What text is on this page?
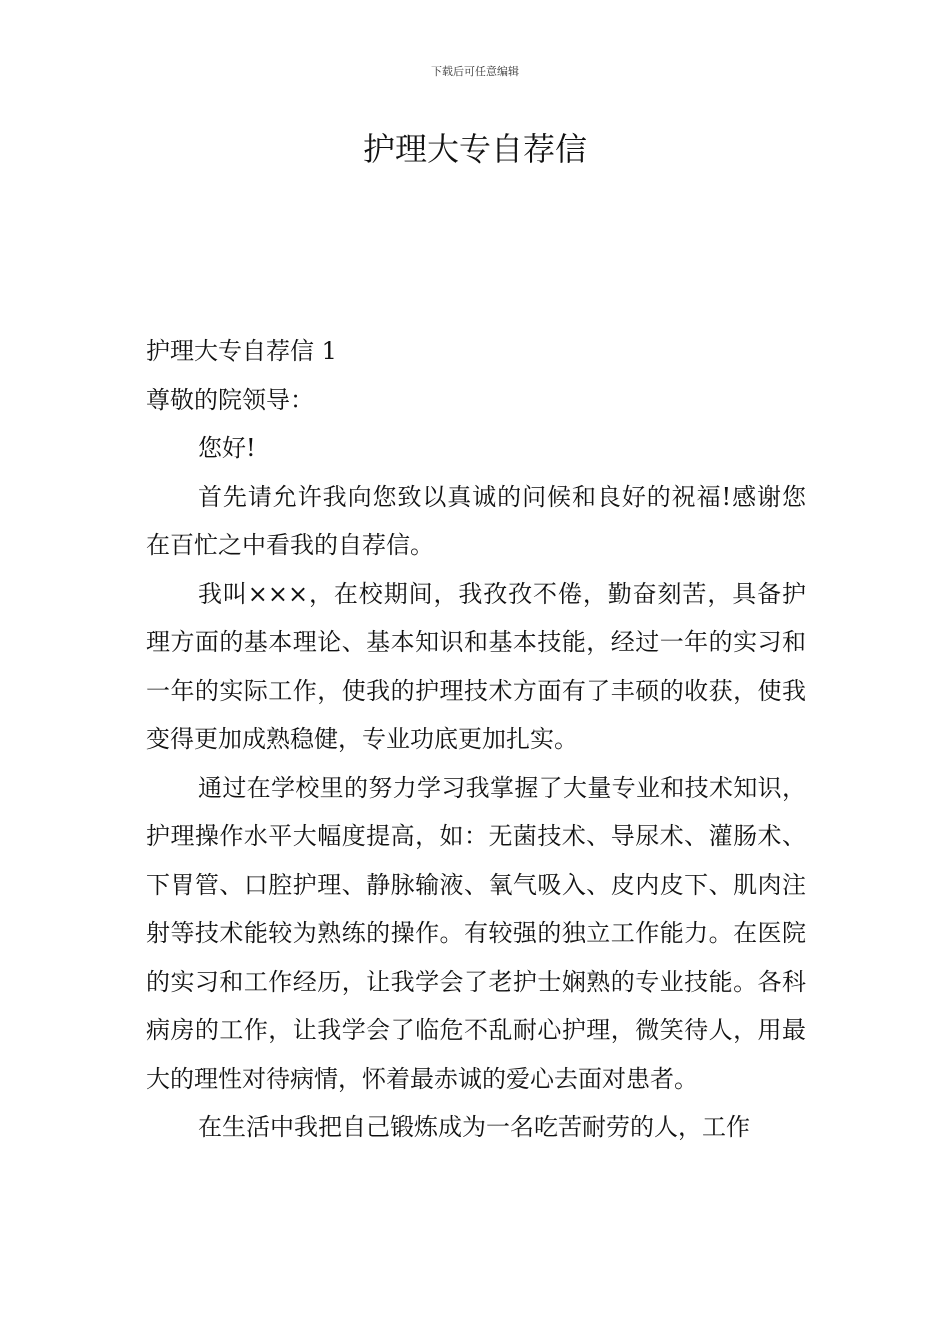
下载后可任意编辑
护理大专自荐信

护理大专自荐信 1

尊敬的院领导：

您好!

首先请允许我向您致以真诚的问候和良好的祝福!感谢您在百忙之中看我的自荐信。

我叫×××，在校期间，我孜孜不倦，勤奋刻苦，具备护理方面的基本理论、基本知识和基本技能，经过一年的实习和一年的实际工作，使我的护理技术方面有了丰硕的收获，使我变得更加成熟稳健，专业功底更加扎实。

通过在学校里的努力学习我掌握了大量专业和技术知识，护理操作水平大幅度提高，如：无菌技术、导尿术、灌肠术、下胃管、口腔护理、静脉输液、氧气吸入、皮内皮下、肌肉注射等技术能较为熟练的操作。有较强的独立工作能力。在医院的实习和工作经历，让我学会了老护士娴熟的专业技能。各科病房的工作，让我学会了临危不乱耐心护理，微笑待人，用最大的理性对待病情，怀着最赤诚的爱心去面对患者。

在生活中我把自己锻炼成为一名吃苦耐劳的人，工作
